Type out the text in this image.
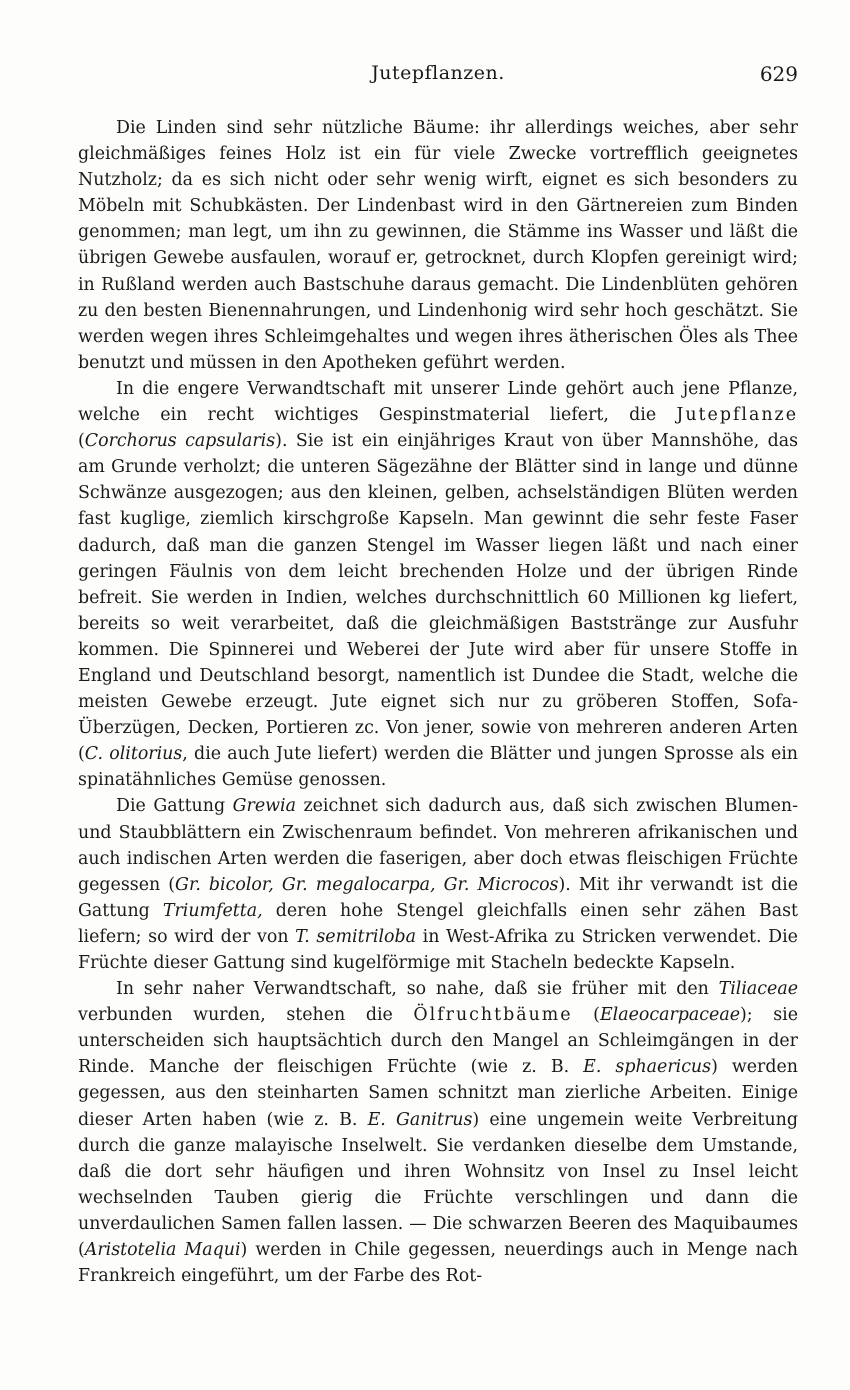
Jutepflanzen.	629

Die Linden sind sehr nützliche Bäume: ihr allerdings weiches, aber sehr gleichmäßiges feines Holz ist ein für viele Zwecke vortrefflich geeignetes Nutzholz; da es sich nicht oder sehr wenig wirft, eignet es sich besonders zu Möbeln mit Schubkästen. Der Lindenbast wird in den Gärtnereien zum Binden genommen; man legt, um ihn zu gewinnen, die Stämme ins Wasser und läßt die übrigen Gewebe ausfaulen, worauf er, getrocknet, durch Klopfen gereinigt wird; in Rußland werden auch Bastschuhe daraus gemacht. Die Lindenblüten gehören zu den besten Bienennahrungen, und Lindenhonig wird sehr hoch geschätzt. Sie werden wegen ihres Schleimgehaltes und wegen ihres ätherischen Öles als Thee benutzt und müssen in den Apotheken geführt werden.

In die engere Verwandtschaft mit unserer Linde gehört auch jene Pflanze, welche ein recht wichtiges Gespinstmaterial liefert, die Jutepflanze (Corchorus capsularis). Sie ist ein einjähriges Kraut von über Mannshöhe, das am Grunde verholzt; die unteren Sägezähne der Blätter sind in lange und dünne Schwänze ausgezogen; aus den kleinen, gelben, achselständigen Blüten werden fast kuglige, ziemlich kirschgroße Kapseln. Man gewinnt die sehr feste Faser dadurch, daß man die ganzen Stengel im Wasser liegen läßt und nach einer geringen Fäulnis von dem leicht brechenden Holze und der übrigen Rinde befreit. Sie werden in Indien, welches durchschnittlich 60 Millionen kg liefert, bereits so weit verarbeitet, daß die gleichmäßigen Baststränge zur Ausfuhr kommen. Die Spinnerei und Weberei der Jute wird aber für unsere Stoffe in England und Deutschland besorgt, namentlich ist Dundee die Stadt, welche die meisten Gewebe erzeugt. Jute eignet sich nur zu gröberen Stoffen, Sofa-Überzügen, Decken, Portieren zc. Von jener, sowie von mehreren anderen Arten (C. olitorius, die auch Jute liefert) werden die Blätter und jungen Sprosse als ein spinatähnliches Gemüse genossen.

Die Gattung Grewia zeichnet sich dadurch aus, daß sich zwischen Blumen- und Staubblättern ein Zwischenraum befindet. Von mehreren afrikanischen und auch indischen Arten werden die faserigen, aber doch etwas fleischigen Früchte gegessen (Gr. bicolor, Gr. megalocarpa, Gr. Microcos). Mit ihr verwandt ist die Gattung Triumfetta, deren hohe Stengel gleichfalls einen sehr zähen Bast liefern; so wird der von T. semitriloba in West-Afrika zu Stricken verwendet. Die Früchte dieser Gattung sind kugelförmige mit Stacheln bedeckte Kapseln.

In sehr naher Verwandtschaft, so nahe, daß sie früher mit den Tiliaceae verbunden wurden, stehen die Ölfruchtbäume (Elaeocarpaceae); sie unterscheiden sich hauptsächtich durch den Mangel an Schleimgängen in der Rinde. Manche der fleischigen Früchte (wie z. B. E. sphaericus) werden gegessen, aus den steinharten Samen schnitzt man zierliche Arbeiten. Einige dieser Arten haben (wie z. B. E. Ganitrus) eine ungemein weite Verbreitung durch die ganze malayische Inselwelt. Sie verdanken dieselbe dem Umstande, daß die dort sehr häufigen und ihren Wohnsitz von Insel zu Insel leicht wechselnden Tauben gierig die Früchte verschlingen und dann die unverdaulichen Samen fallen lassen. — Die schwarzen Beeren des Maquibaumes (Aristotelia Maqui) werden in Chile gegessen, neuerdings auch in Menge nach Frankreich eingeführt, um der Farbe des Rot-
